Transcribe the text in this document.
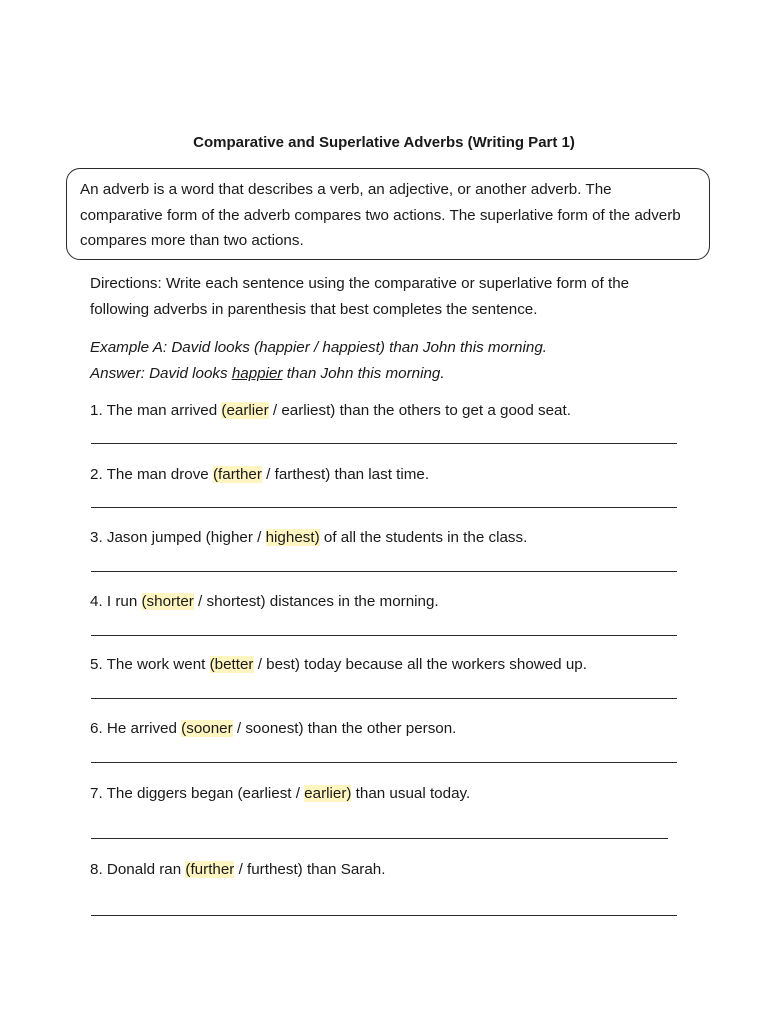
Comparative and Superlative Adverbs (Writing Part 1)
An adverb is a word that describes a verb, an adjective, or another adverb. The comparative form of the adverb compares two actions. The superlative form of the adverb compares more than two actions.
Directions: Write each sentence using the comparative or superlative form of the following adverbs in parenthesis that best completes the sentence.
Example A: David looks (happier / happiest) than John this morning.
Answer: David looks happier than John this morning.
1. The man arrived (earlier / earliest) than the others to get a good seat.
2. The man drove (farther / farthest) than last time.
3. Jason jumped (higher / highest) of all the students in the class.
4. I run (shorter / shortest) distances in the morning.
5. The work went (better / best) today because all the workers showed up.
6. He arrived (sooner / soonest) than the other person.
7. The diggers began (earliest / earlier) than usual today.
8. Donald ran (further / furthest) than Sarah.
